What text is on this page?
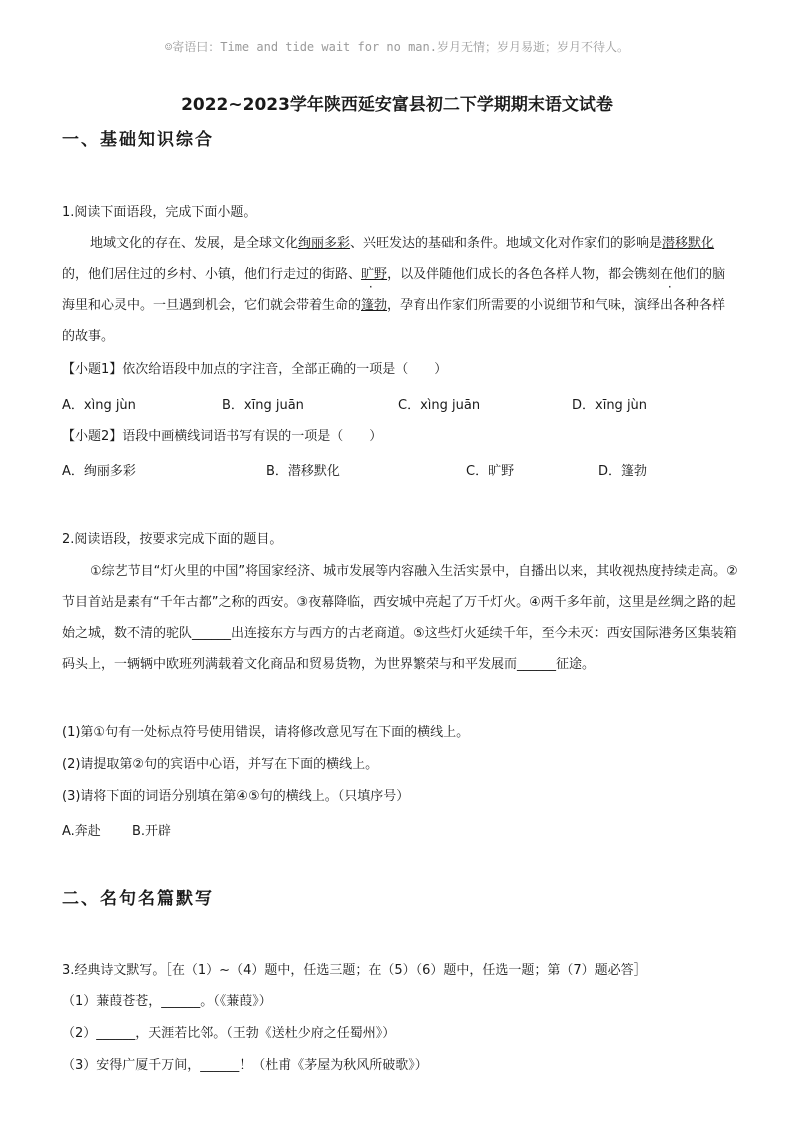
☺寄语曰：Time and tide wait for no man.岁月无情；岁月易逝；岁月不待人。
2022~2023学年陕西延安富县初二下学期期末语文试卷
一、基础知识综合
1.阅读下面语段，完成下面小题。

地域文化的存在、发展，是全球文化绚丽多彩、兴旺发达的基础和条件。地域文化对作家们的影响是潜移默化的，他们居住过的乡村、小镇，他们行走过的街路 ·、旷野，以及伴随他们成长的各色各样人物，都会镌 ·刻在他们的脑海里和心灵中。一旦遇到机会，它们就会带着生命的篷勃，孕育出作家们所需要的小说细节和气味，演绎出各种各样的故事。

【小题1】依次给语段中加点的字注音，全部正确的一项是（　　）
A．xìng jùn	B．xīng juān	C．xìng juān	D．xīng jùn
【小题2】语段中画横线词语书写有误的一项是（　　）
A．绚丽多彩	B．潜移默化	C．旷野	D．篷勃
2.阅读语段，按要求完成下面的题目。

①综艺节目“灯火里的中国”将国家经济、城市发展等内容融入生活实景中，自播出以来，其收视热度持续走高。②节目首站是素有“千年古都”之称的西安。③夜幕降临，西安城中亮起了万千灯火。④两千多年前，这里是丝绸之路的起始之城，数不清的驼队______出连接东方与西方的古老商道。⑤这些灯火延续千年，至今未灭：西安国际港务区集装箱码头上，一辆辆中欧班列满载着文化商品和贸易货物，为世界繁荣与和平发展而______征途。

(1)第①句有一处标点符号使用错误，请将修改意见写在下面的横线上。
(2)请提取第②句的宾语中心语，并写在下面的横线上。
(3)请将下面的词语分别填在第④⑤句的横线上。（只填序号）
A.奔赴 B.开辟
二、名句名篇默写
3.经典诗文默写。［在（1）~（4）题中，任选三题；在（5）（6）题中，任选一题；第（7）题必答］
（1）蒹葭苍苍，______。（《蒹葭》）
（2）______，天涯若比邻。（王勃《送杜少府之任蜀州》）
（3）安得广厦千万间，______！（杜甫《茅屋为秋风所破歌》）
